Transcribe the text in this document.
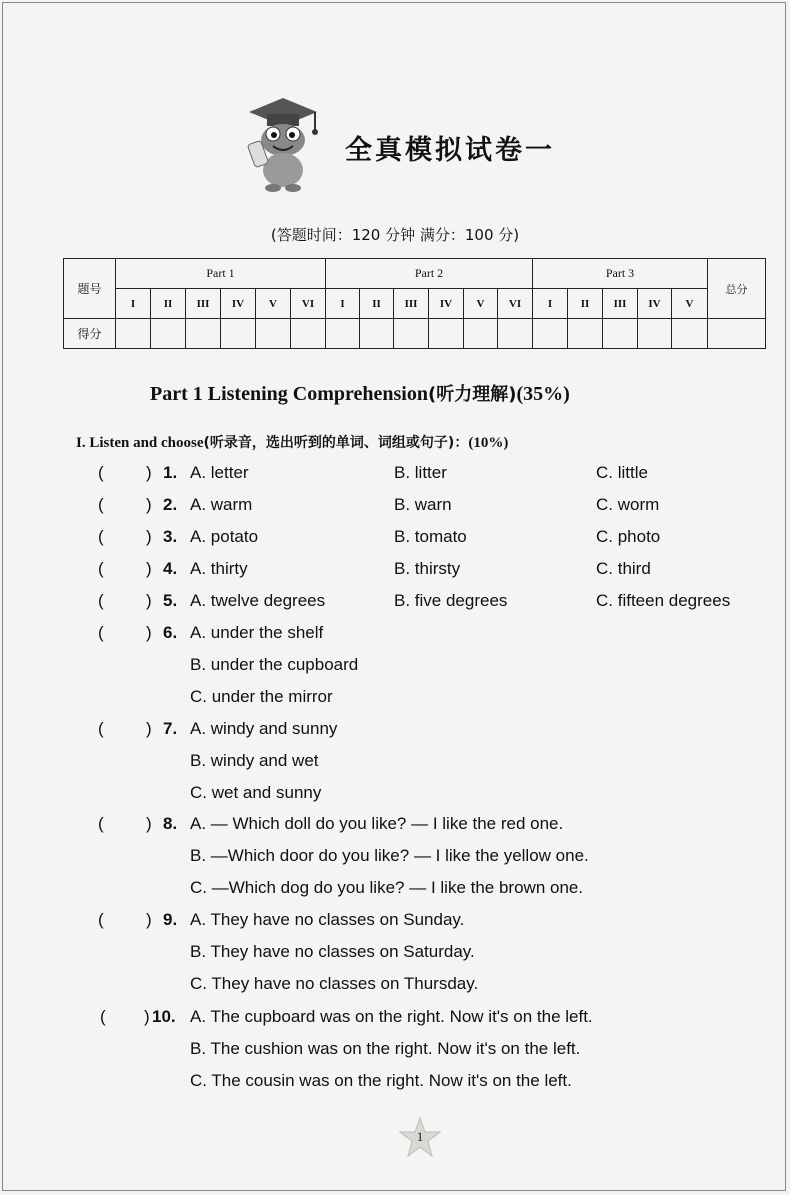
全真模拟试卷一
(答题时间：120 分钟 满分：100 分)
题号	Part 1						Part 2						Part 3					总分
	I	II	III	IV	V	VI	I	II	III	IV	V	VI	I	II	III	IV	V	
得分																		
Part 1 Listening Comprehension(听力理解)(35%)
I. Listen and choose(听录音，选出听到的单词、词组或句子)：(10%)
( ) 1. A. letter	B. litter	C. little
( ) 2. A. warm	B. warn	C. worm
( ) 3. A. potato	B. tomato	C. photo
( ) 4. A. thirty	B. thirsty	C. third
( ) 5. A. twelve degrees	B. five degrees	C. fifteen degrees
( ) 6. A. under the shelf
B. under the cupboard
C. under the mirror
( ) 7. A. windy and sunny
B. windy and wet
C. wet and sunny
( ) 8. A. — Which doll do you like? — I like the red one.
B. —Which door do you like? — I like the yellow one.
C. —Which dog do you like? — I like the brown one.
( ) 9. A. They have no classes on Sunday.
B. They have no classes on Saturday.
C. They have no classes on Thursday.
( ) 10. A. The cupboard was on the right. Now it's on the left.
B. The cushion was on the right. Now it's on the left.
C. The cousin was on the right. Now it's on the left.
1
